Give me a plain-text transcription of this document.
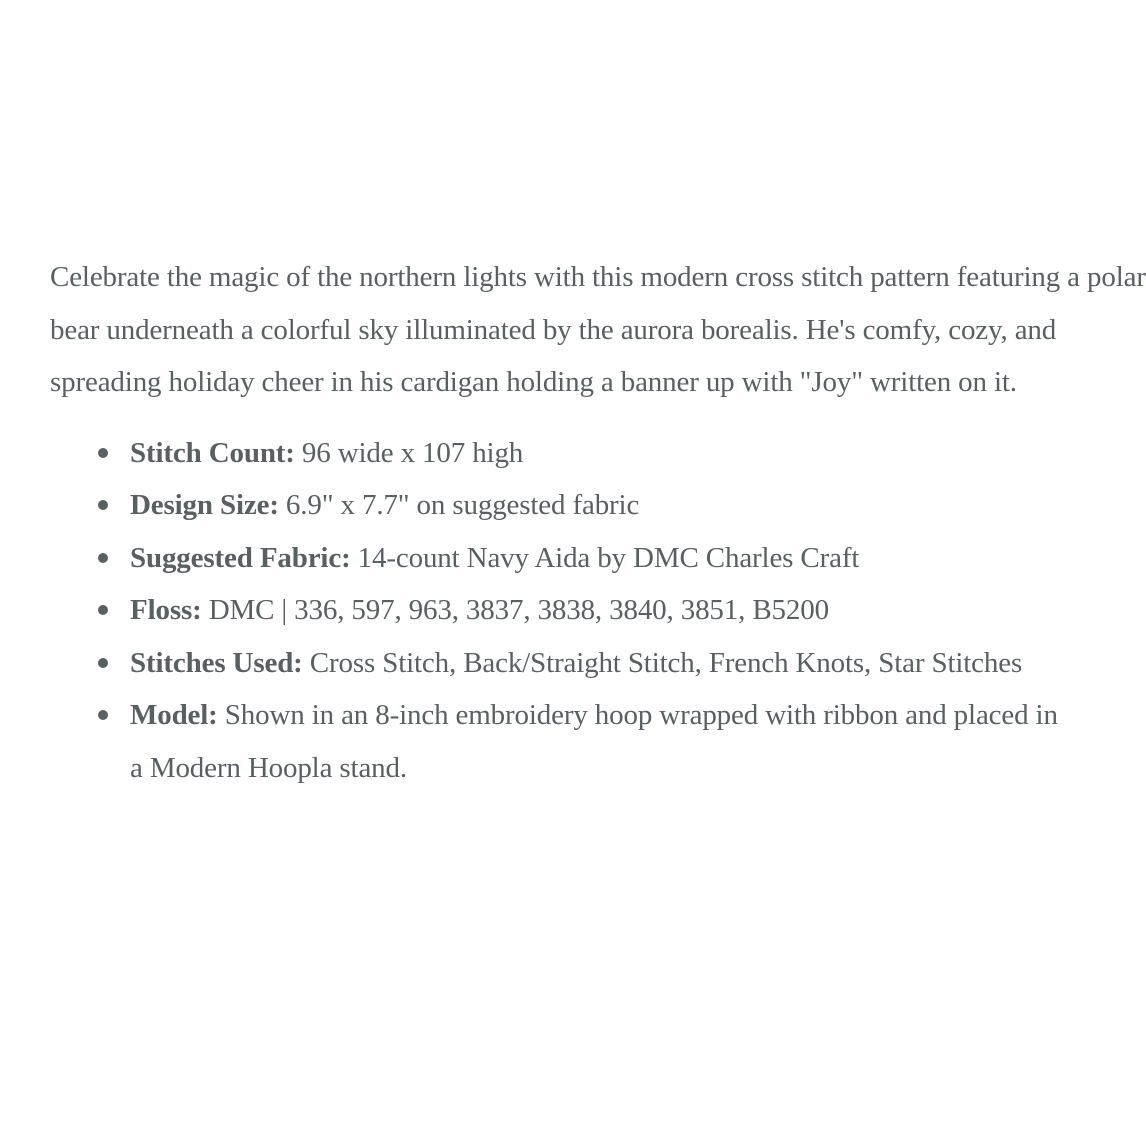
Celebrate the magic of the northern lights with this modern cross stitch pattern featuring a polar bear underneath a colorful sky illuminated by the aurora borealis. He's comfy, cozy, and spreading holiday cheer in his cardigan holding a banner up with "Joy" written on it.

Stitch Count: 96 wide x 107 high
Design Size: 6.9" x 7.7" on suggested fabric
Suggested Fabric: 14-count Navy Aida by DMC Charles Craft
Floss: DMC | 336, 597, 963, 3837, 3838, 3840, 3851, B5200
Stitches Used: Cross Stitch, Back/Straight Stitch, French Knots, Star Stitches
Model: Shown in an 8-inch embroidery hoop wrapped with ribbon and placed in a Modern Hoopla stand.
